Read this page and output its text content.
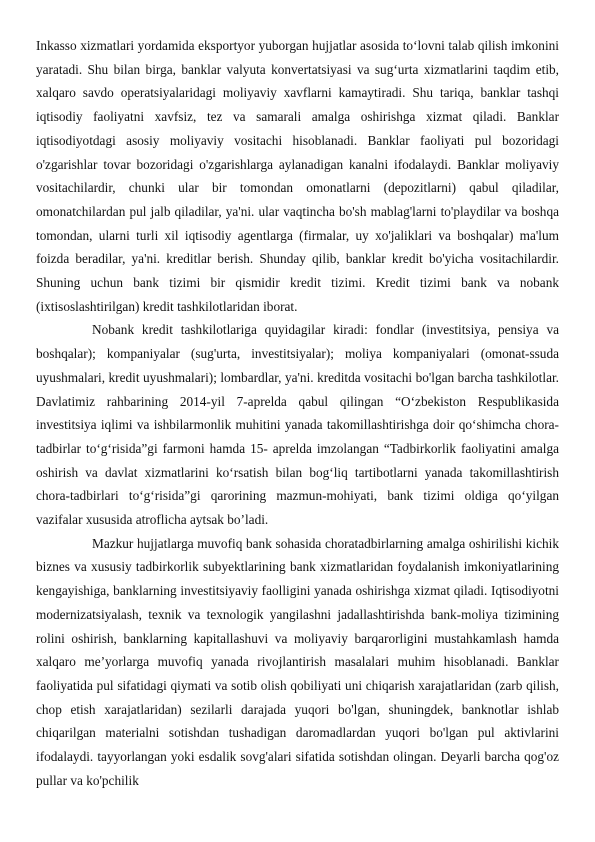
Inkasso xizmatlari yordamida eksportyor yuborgan hujjatlar asosida to‘lovni talab qilish imkonini yaratadi. Shu bilan birga, banklar valyuta konvertatsiyasi va sug‘urta xizmatlarini taqdim etib, xalqaro savdo operatsiyalaridagi moliyaviy xavflarni kamaytiradi. Shu tariqa, banklar tashqi iqtisodiy faoliyatni xavfsiz, tez va samarali amalga oshirishga xizmat qiladi. Banklar iqtisodiyotdagi asosiy moliyaviy vositachi hisoblanadi. Banklar faoliyati pul bozoridagi o'zgarishlar tovar bozoridagi o'zgarishlarga aylanadigan kanalni ifodalaydi. Banklar moliyaviy vositachilardir, chunki ular bir tomondan omonatlarni (depozitlarni) qabul qiladilar, omonatchilardan pul jalb qiladilar, ya'ni. ular vaqtincha bo'sh mablag'larni to'playdilar va boshqa tomondan, ularni turli xil iqtisodiy agentlarga (firmalar, uy xo'jaliklari va boshqalar) ma'lum foizda beradilar, ya'ni. kreditlar berish. Shunday qilib, banklar kredit bo'yicha vositachilardir. Shuning uchun bank tizimi bir qismidir kredit tizimi. Kredit tizimi bank va nobank (ixtisoslashtirilgan) kredit tashkilotlaridan iborat.

Nobank kredit tashkilotlariga quyidagilar kiradi: fondlar (investitsiya, pensiya va boshqalar); kompaniyalar (sug'urta, investitsiyalar); moliya kompaniyalari (omonat-ssuda uyushmalari, kredit uyushmalari); lombardlar, ya'ni. kreditda vositachi bo'lgan barcha tashkilotlar. Davlatimiz rahbarining 2014-yil 7-aprelda qabul qilingan “O‘zbekiston Respublikasida investitsiya iqlimi va ishbilarmonlik muhitini yanada takomillashtirishga doir qo‘shimcha chora-tadbirlar to‘g‘risida”gi farmoni hamda 15- aprelda imzolangan “Tadbirkorlik faoliyatini amalga oshirish va davlat xizmatlarini ko‘rsatish bilan bog‘liq tartibotlarni yanada takomillashtirish chora-tadbirlari to‘g‘risida”gi qarorining mazmun-mohiyati, bank tizimi oldiga qo‘yilgan vazifalar xususida atroflicha aytsak bo’ladi.

Mazkur hujjatlarga muvofiq bank sohasida choratadbirlarning amalga oshirilishi kichik biznes va xususiy tadbirkorlik subyektlarining bank xizmatlaridan foydalanish imkoniyatlarining kengayishiga, banklarning investitsiyaviy faolligini yanada oshirishga xizmat qiladi. Iqtisodiyotni modernizatsiyalash, texnik va texnologik yangilashni jadallashtirishda bank-moliya tizimining rolini oshirish, banklarning kapitallashuvi va moliyaviy barqarorligini mustahkamlash hamda xalqaro me’yorlarga muvofiq yanada rivojlantirish masalalari muhim hisoblanadi. Banklar faoliyatida pul sifatidagi qiymati va sotib olish qobiliyati uni chiqarish xarajatlaridan (zarb qilish, chop etish xarajatlaridan) sezilarli darajada yuqori bo'lgan, shuningdek, banknotlar ishlab chiqarilgan materialni sotishdan tushadigan daromadlardan yuqori bo'lgan pul aktivlarini ifodalaydi. tayyorlangan yoki esdalik sovg'alari sifatida sotishdan olingan. Deyarli barcha qog'oz pullar va ko'pchilik
